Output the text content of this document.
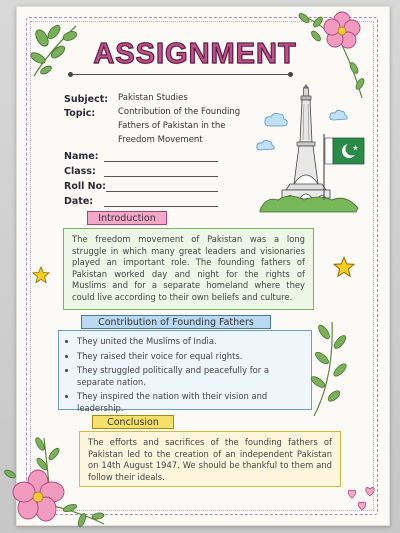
ASSIGNMENT
Subject: Pakistan Studies
Topic:	Contribution of the Founding
Fathers of Pakistan in the
Freedom Movement
Name:
Class:
Roll No:
Date:
Introduction

The freedom movement of Pakistan was a long struggle in which many great leaders and visionaries played an important role. The founding fathers of Pakistan worked day and night for the rights of Muslims and for a separate homeland where they could live according to their own beliefs and culture.

Contribution of Founding Fathers
• They united the Muslims of India.
• They raised their voice for equal rights.
• They struggled politically and peacefully for a separate nation.
• They inspired the nation with their vision and leadership.
Conclusion

The efforts and sacrifices of the founding fathers of Pakistan led to the creation of an independent Pakistan on 14th August 1947. We should be thankful to them and follow their ideals.
